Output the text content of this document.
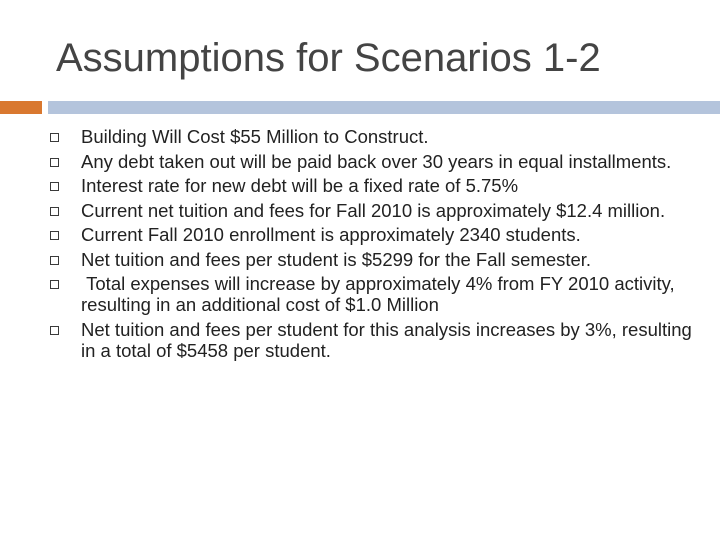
Assumptions for Scenarios 1-2
Building Will Cost $55 Million to Construct.
Any debt taken out will be paid back over 30 years in equal installments.
Interest rate for new debt will be a fixed rate of 5.75%
Current net tuition and fees for Fall 2010 is approximately $12.4 million.
Current Fall 2010 enrollment is approximately 2340 students.
Net tuition and fees per student is $5299 for the Fall semester.
Total expenses will increase by approximately 4% from FY 2010 activity, resulting in an additional cost of $1.0 Million
Net tuition and fees per student for this analysis increases by 3%, resulting in a total of $5458 per student.
